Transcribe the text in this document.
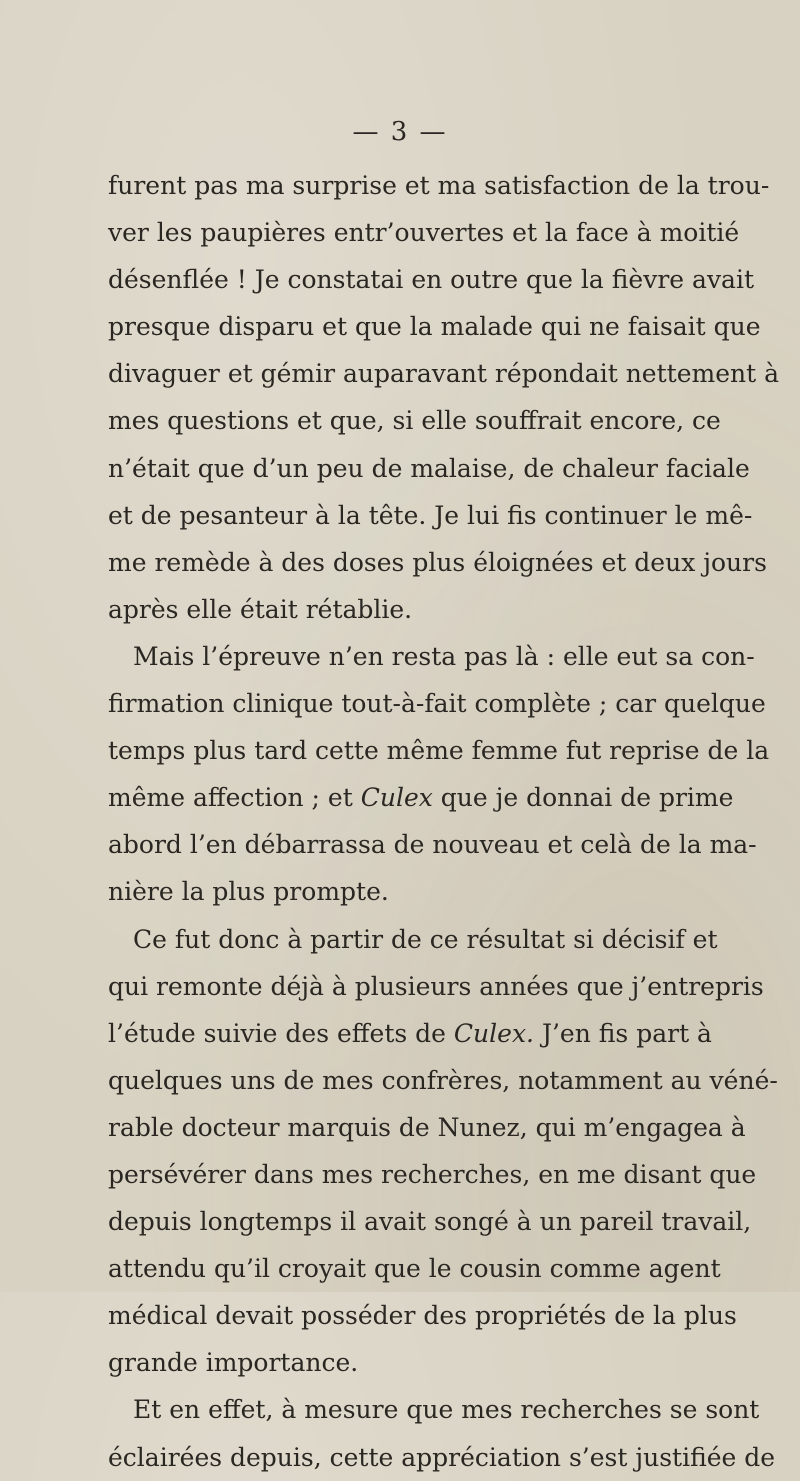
— 3 —
furent pas ma surprise et ma satisfaction de la trou-
ver les paupières entr’ouvertes et la face à moitié
désenflée ! Je constatai en outre que la fièvre avait
presque disparu et que la malade qui ne faisait que
divaguer et gémir auparavant répondait nettement à
mes questions et que, si elle souffrait encore, ce
n’était que d’un peu de malaise, de chaleur faciale
et de pesanteur à la tête. Je lui fis continuer le mê-
me remède à des doses plus éloignées et deux jours
après elle était rétablie.
Mais l’épreuve n’en resta pas là : elle eut sa con-
firmation clinique tout-à-fait complète ; car quelque
temps plus tard cette même femme fut reprise de la
même affection ; et Culex que je donnai de prime
abord l’en débarrassa de nouveau et celà de la ma-
nière la plus prompte.
Ce fut donc à partir de ce résultat si décisif et
qui remonte déjà à plusieurs années que j’entrepris
l’étude suivie des effets de Culex. J’en fis part à
quelques uns de mes confrères, notamment au véné-
rable docteur marquis de Nunez, qui m’engagea à
persévérer dans mes recherches, en me disant que
depuis longtemps il avait songé à un pareil travail,
attendu qu’il croyait que le cousin comme agent
médical devait posséder des propriétés de la plus
grande importance.
Et en effet, à mesure que mes recherches se sont
éclairées depuis, cette appréciation s’est justifiée de
